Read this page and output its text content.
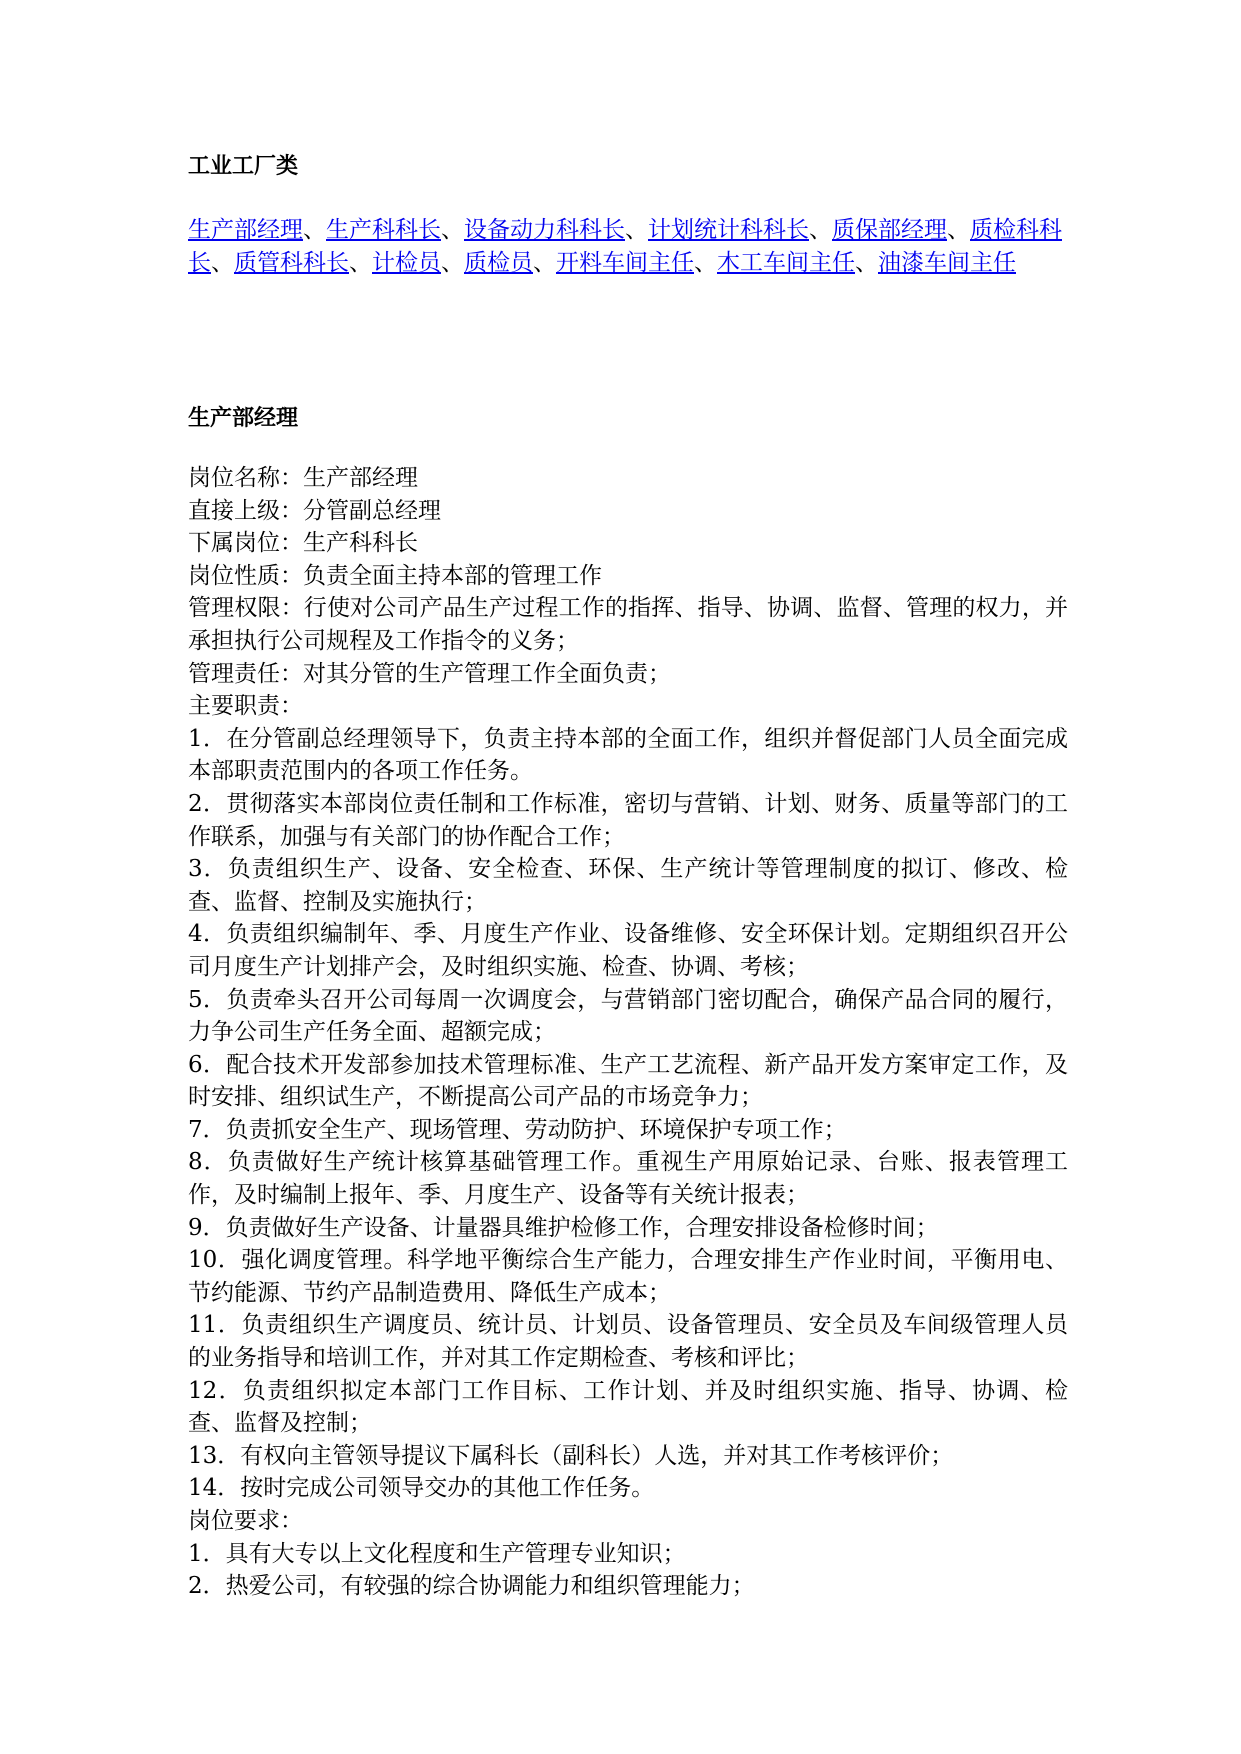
工业工厂类
生产部经理、生产科科长、设备动力科科长、计划统计科科长、质保部经理、质检科科长、质管科科长、计检员、质检员、开料车间主任、木工车间主任、油漆车间主任
生产部经理

岗位名称：生产部经理

直接上级：分管副总经理

下属岗位：生产科科长

岗位性质：负责全面主持本部的管理工作

管理权限：行使对公司产品生产过程工作的指挥、指导、协调、监督、管理的权力，并承担执行公司规程及工作指令的义务；

管理责任：对其分管的生产管理工作全面负责；

主要职责：

1．在分管副总经理领导下，负责主持本部的全面工作，组织并督促部门人员全面完成本部职责范围内的各项工作任务。

2．贯彻落实本部岗位责任制和工作标准，密切与营销、计划、财务、质量等部门的工作联系，加强与有关部门的协作配合工作；

3．负责组织生产、设备、安全检查、环保、生产统计等管理制度的拟订、修改、检查、监督、控制及实施执行；

4．负责组织编制年、季、月度生产作业、设备维修、安全环保计划。定期组织召开公司月度生产计划排产会，及时组织实施、检查、协调、考核；

5．负责牵头召开公司每周一次调度会，与营销部门密切配合，确保产品合同的履行，力争公司生产任务全面、超额完成；

6．配合技术开发部参加技术管理标准、生产工艺流程、新产品开发方案审定工作，及时安排、组织试生产，不断提高公司产品的市场竞争力；

7．负责抓安全生产、现场管理、劳动防护、环境保护专项工作；

8．负责做好生产统计核算基础管理工作。重视生产用原始记录、台账、报表管理工作，及时编制上报年、季、月度生产、设备等有关统计报表；

9．负责做好生产设备、计量器具维护检修工作，合理安排设备检修时间；

10．强化调度管理。科学地平衡综合生产能力，合理安排生产作业时间，平衡用电、节约能源、节约产品制造费用、降低生产成本；

11．负责组织生产调度员、统计员、计划员、设备管理员、安全员及车间级管理人员的业务指导和培训工作，并对其工作定期检查、考核和评比；

12．负责组织拟定本部门工作目标、工作计划、并及时组织实施、指导、协调、检查、监督及控制；

13．有权向主管领导提议下属科长（副科长）人选，并对其工作考核评价；

14．按时完成公司领导交办的其他工作任务。

岗位要求：

1．具有大专以上文化程度和生产管理专业知识；

2．热爱公司，有较强的综合协调能力和组织管理能力；
